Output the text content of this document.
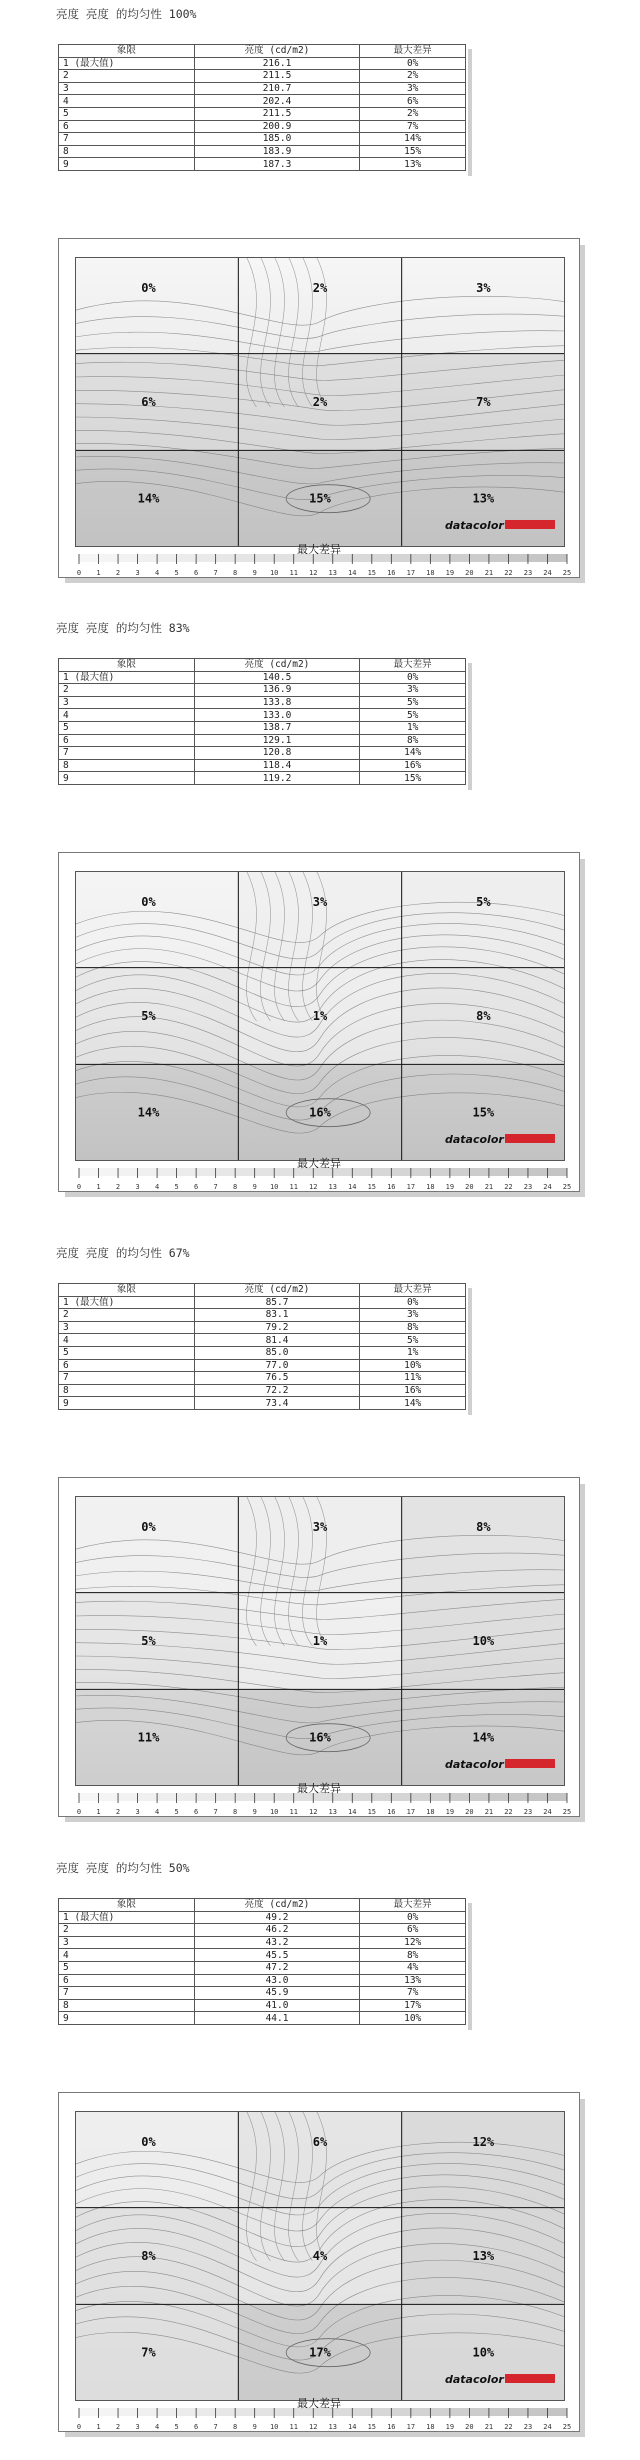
亮度 亮度 的均匀性 100%
象限	亮度 (cd/m2)	最大差异
1 (最大值)	216.1	0%
2	211.5	2%
3	210.7	3%
4	202.4	6%
5	211.5	2%
6	200.9	7%
7	185.0	14%
8	183.9	15%
9	187.3	13%
0%	2%	3%
6%	2%	7%
14%	15%	13%
datacolor
0 1 2 3 4 5 6 7 8 9 10 11 12 13 14 15 16 17 18 19 20 21 22 23 24 25
最大差异
亮度 亮度 的均匀性 83%
象限	亮度 (cd/m2)	最大差异
1 (最大值)	140.5	0%
2	136.9	3%
3	133.8	5%
4	133.0	5%
5	138.7	1%
6	129.1	8%
7	120.8	14%
8	118.4	16%
9	119.2	15%
0%	3%	5%
5%	1%	8%
14%	16%	15%
datacolor
0 1 2 3 4 5 6 7 8 9 10 11 12 13 14 15 16 17 18 19 20 21 22 23 24 25
最大差异
亮度 亮度 的均匀性 67%
象限	亮度 (cd/m2)	最大差异
1 (最大值)	85.7	0%
2	83.1	3%
3	79.2	8%
4	81.4	5%
5	85.0	1%
6	77.0	10%
7	76.5	11%
8	72.2	16%
9	73.4	14%
0%	3%	8%
5%	1%	10%
11%	16%	14%
datacolor
0 1 2 3 4 5 6 7 8 9 10 11 12 13 14 15 16 17 18 19 20 21 22 23 24 25
最大差异
亮度 亮度 的均匀性 50%
象限	亮度 (cd/m2)	最大差异
1 (最大值)	49.2	0%
2	46.2	6%
3	43.2	12%
4	45.5	8%
5	47.2	4%
6	43.0	13%
7	45.9	7%
8	41.0	17%
9	44.1	10%
0%	6%	12%
8%	4%	13%
7%	17%	10%
datacolor
0 1 2 3 4 5 6 7 8 9 10 11 12 13 14 15 16 17 18 19 20 21 22 23 24 25
最大差异
